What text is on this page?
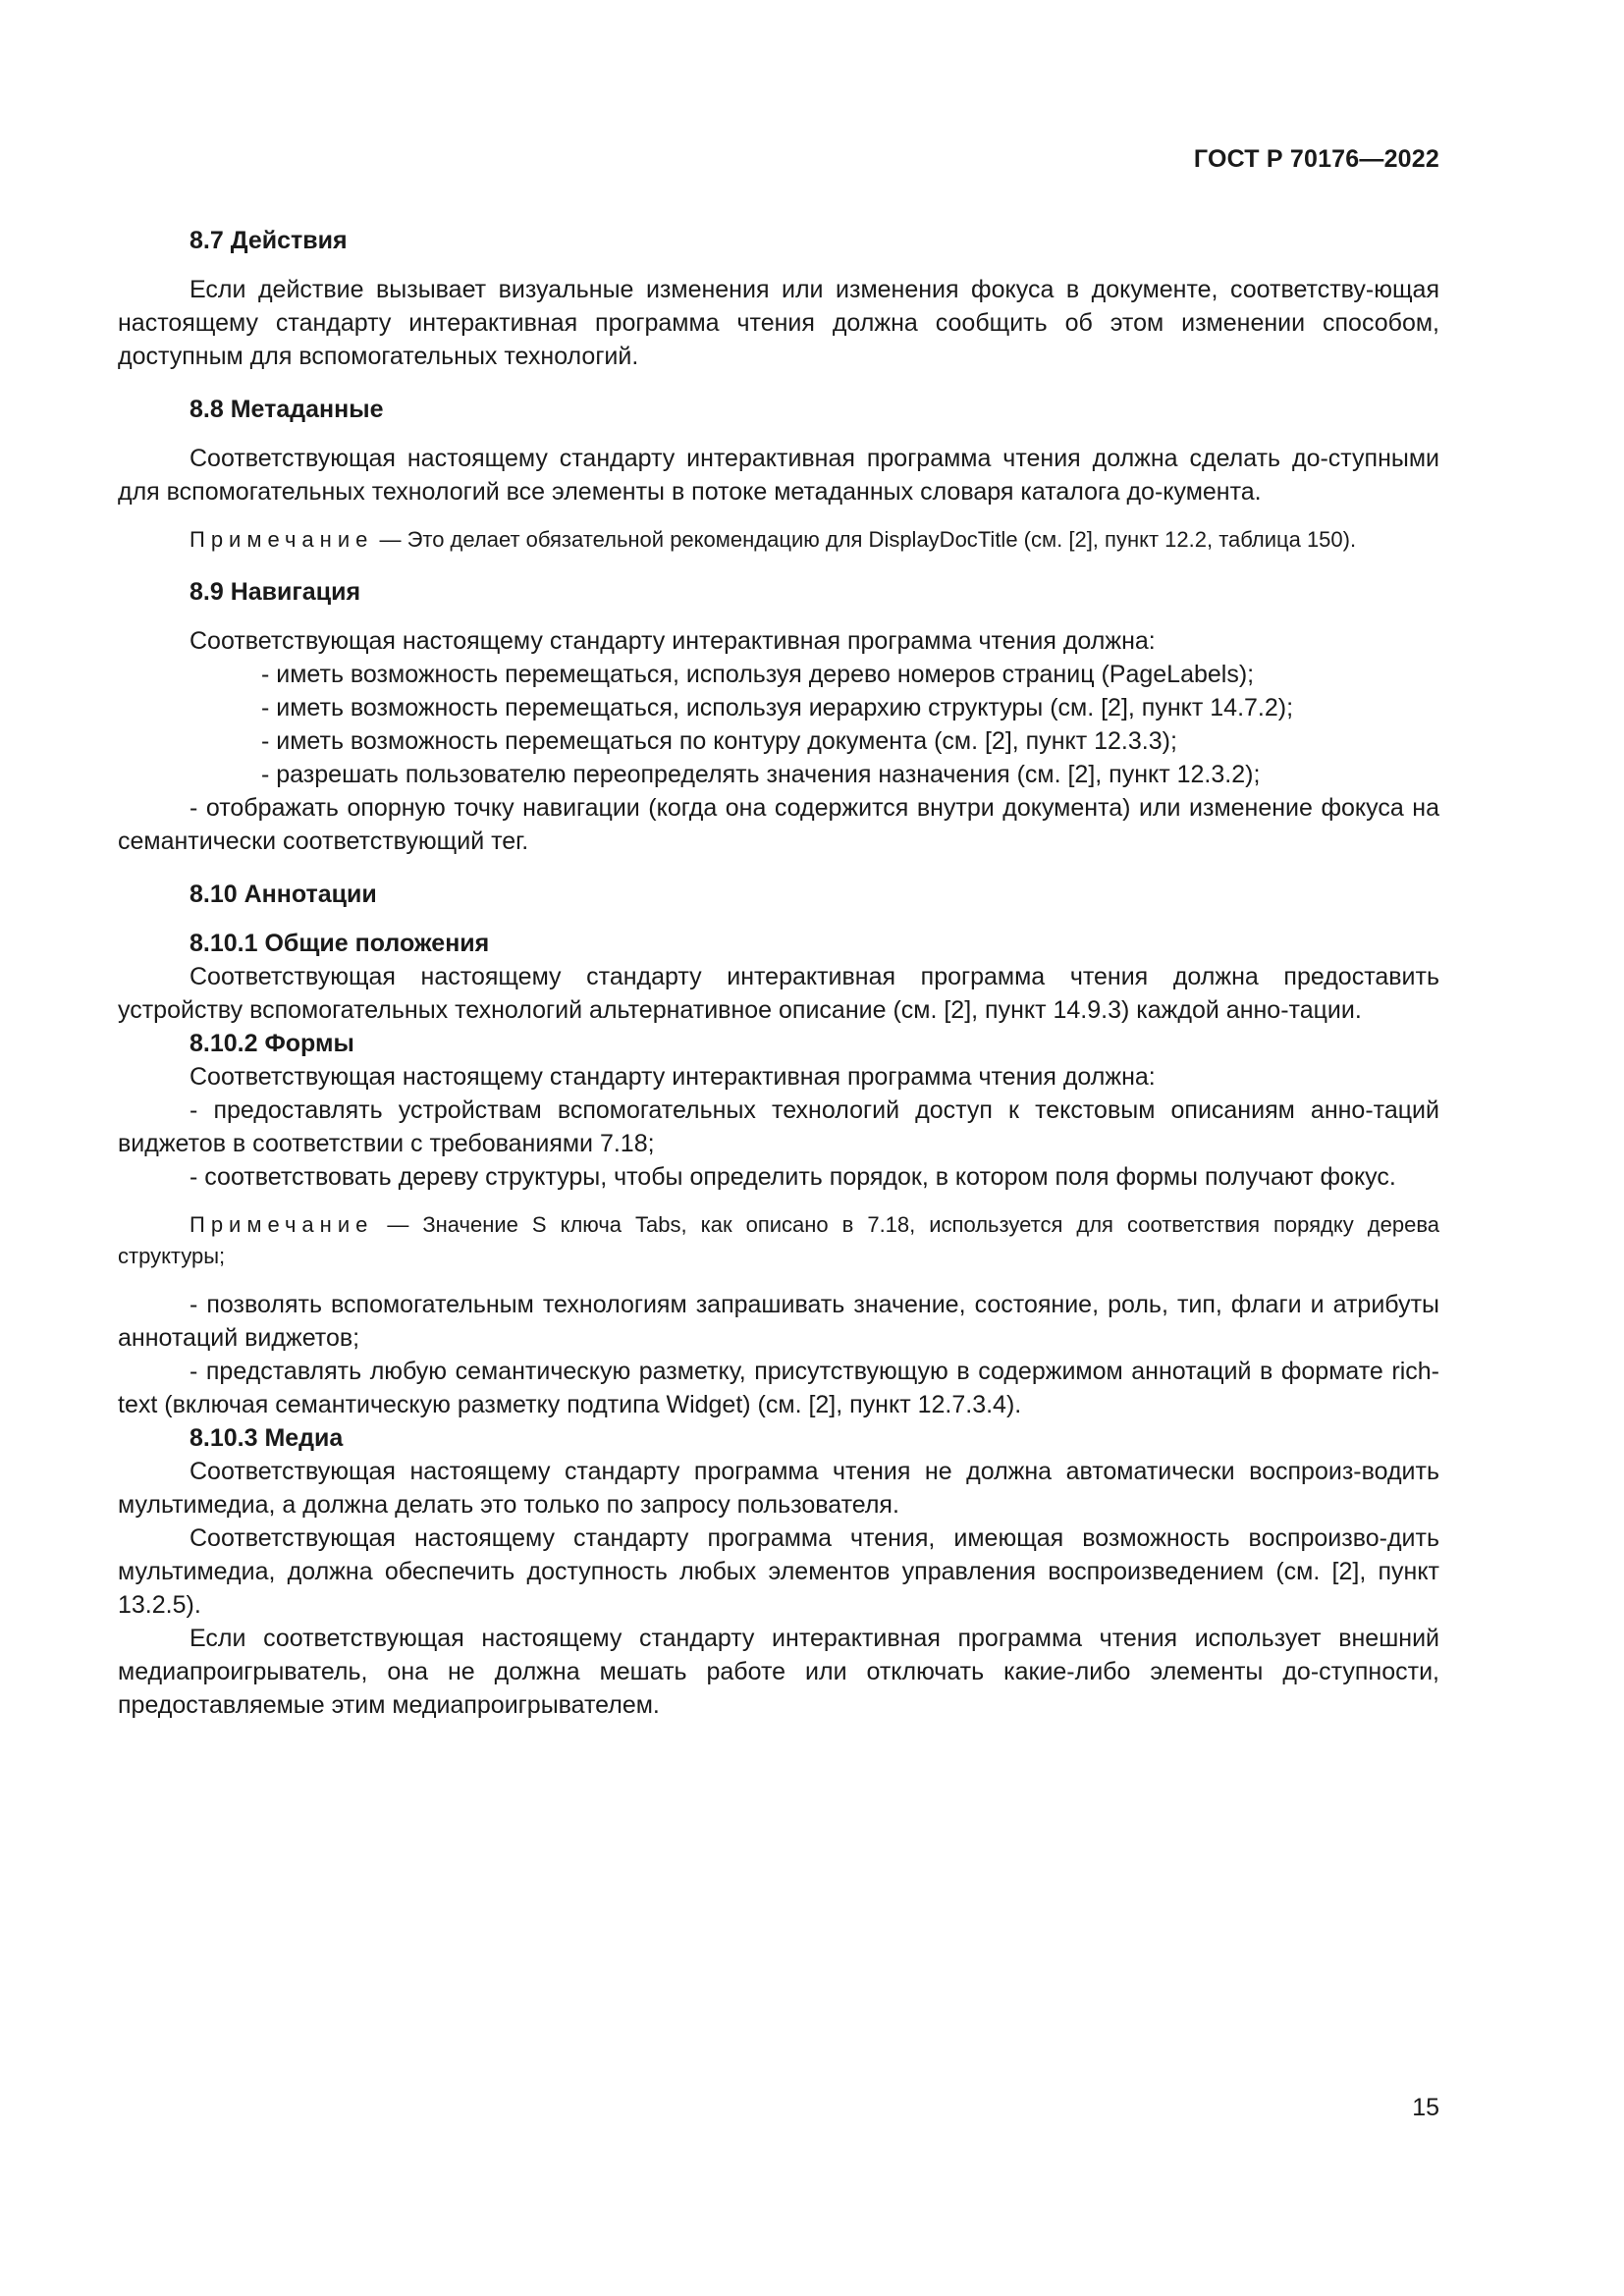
ГОСТ Р 70176—2022
8.7 Действия

Если действие вызывает визуальные изменения или изменения фокуса в документе, соответству-ющая настоящему стандарту интерактивная программа чтения должна сообщить об этом изменении способом, доступным для вспомогательных технологий.

8.8 Метаданные

Соответствующая настоящему стандарту интерактивная программа чтения должна сделать до-ступными для вспомогательных технологий все элементы в потоке метаданных словаря каталога до-кумента.

Примечание — Это делает обязательной рекомендацию для DisplayDocTitle (см. [2], пункт 12.2, таблица 150).

8.9 Навигация

Соответствующая настоящему стандарту интерактивная программа чтения должна:

- иметь возможность перемещаться, используя дерево номеров страниц (PageLabels);

- иметь возможность перемещаться, используя иерархию структуры (см. [2], пункт 14.7.2);

- иметь возможность перемещаться по контуру документа (см. [2], пункт 12.3.3);

- разрешать пользователю переопределять значения назначения (см. [2], пункт 12.3.2);

- отображать опорную точку навигации (когда она содержится внутри документа) или изменение фокуса на семантически соответствующий тег.

8.10 Аннотации
8.10.1 Общие положения

Соответствующая настоящему стандарту интерактивная программа чтения должна предоставить устройству вспомогательных технологий альтернативное описание (см. [2], пункт 14.9.3) каждой анно-тации.

8.10.2 Формы

Соответствующая настоящему стандарту интерактивная программа чтения должна:

- предоставлять устройствам вспомогательных технологий доступ к текстовым описаниям анно-таций виджетов в соответствии с требованиями 7.18;

- соответствовать дереву структуры, чтобы определить порядок, в котором поля формы получают фокус.

Примечание — Значение S ключа Tabs, как описано в 7.18, используется для соответствия порядку дерева структуры;

- позволять вспомогательным технологиям запрашивать значение, состояние, роль, тип, флаги и атрибуты аннотаций виджетов;

- представлять любую семантическую разметку, присутствующую в содержимом аннотаций в формате rich-text (включая семантическую разметку подтипа Widget) (см. [2], пункт 12.7.3.4).

8.10.3 Медиа

Соответствующая настоящему стандарту программа чтения не должна автоматически воспроиз-водить мультимедиа, а должна делать это только по запросу пользователя.

Соответствующая настоящему стандарту программа чтения, имеющая возможность воспроизво-дить мультимедиа, должна обеспечить доступность любых элементов управления воспроизведением (см. [2], пункт 13.2.5).

Если соответствующая настоящему стандарту интерактивная программа чтения использует внешний медиапроигрыватель, она не должна мешать работе или отключать какие-либо элементы до-ступности, предоставляемые этим медиапроигрывателем.

15
